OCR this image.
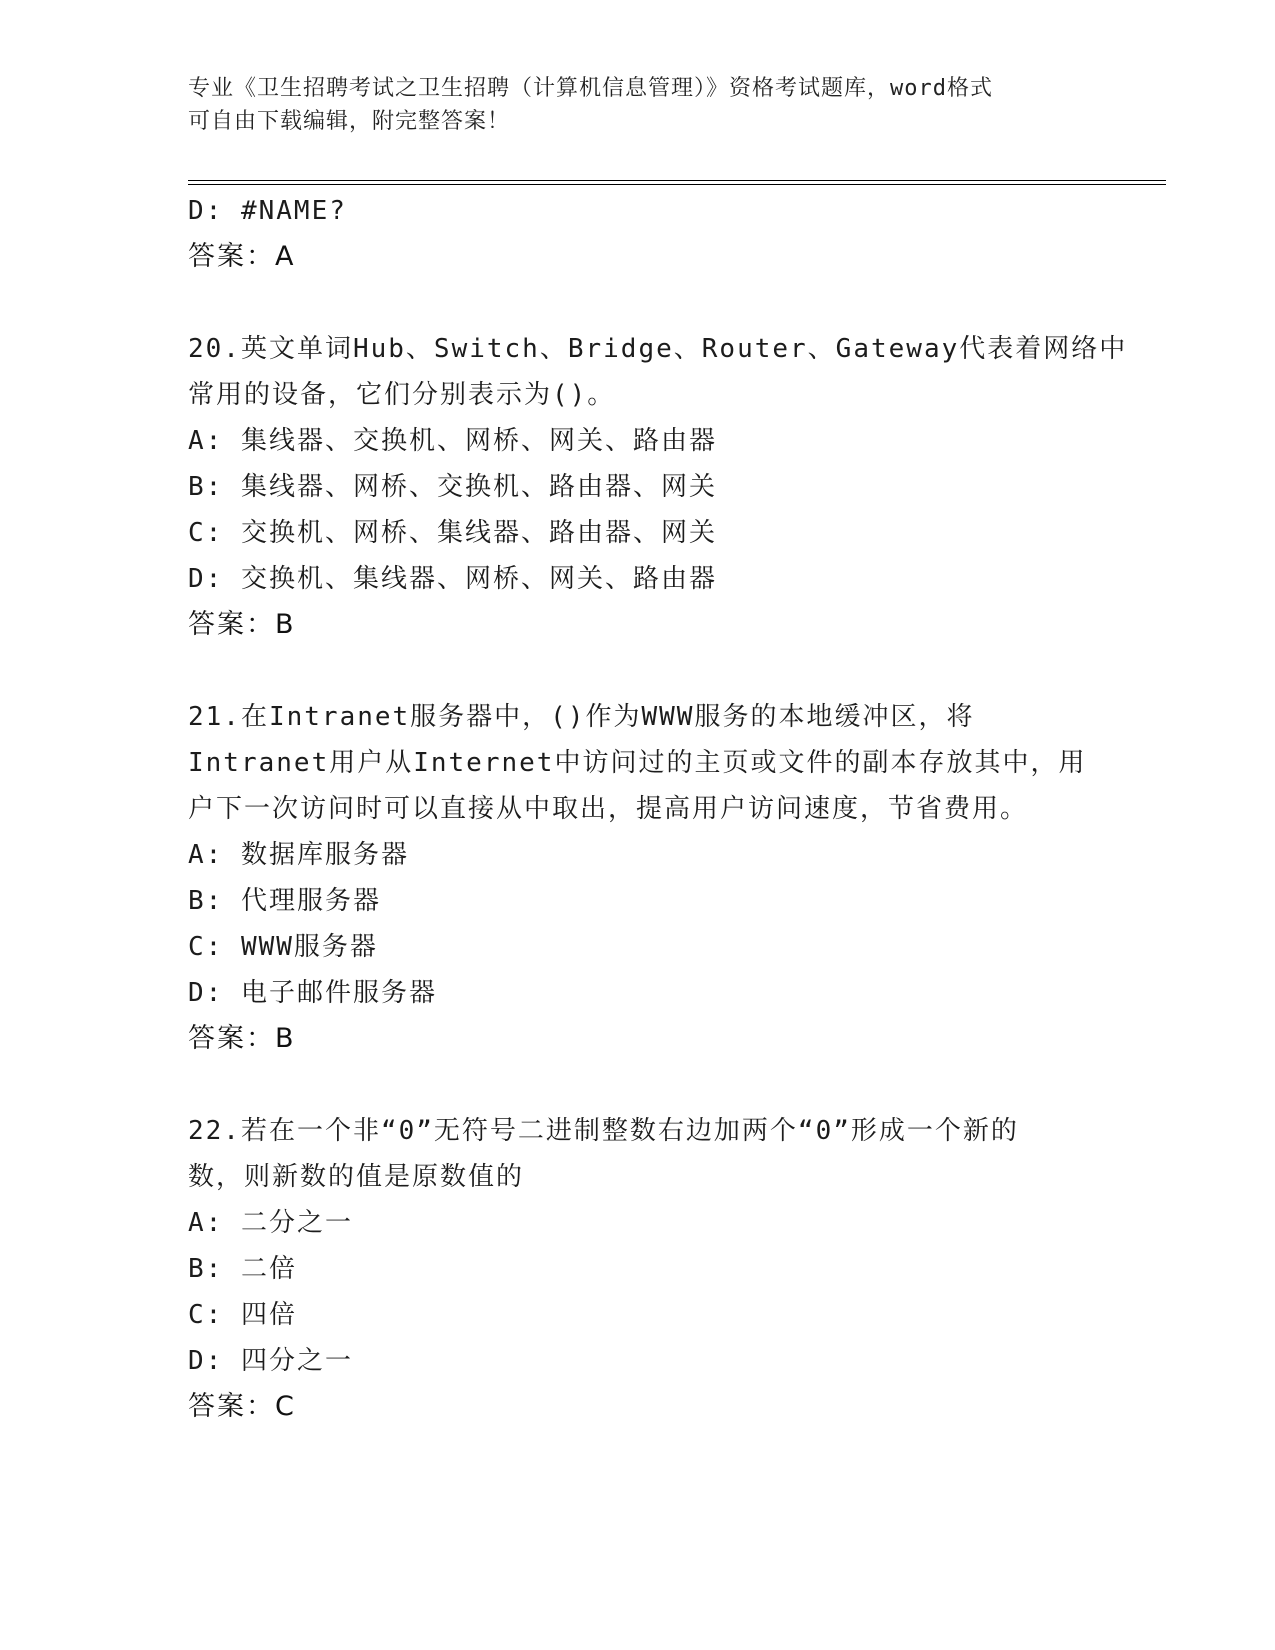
专业《卫生招聘考试之卫生招聘（计算机信息管理）》资格考试题库，word格式
可自由下载编辑，附完整答案！
D: #NAME?
答案：A
20.英文单词Hub、Switch、Bridge、Router、Gateway代表着网络中
常用的设备，它们分别表示为()。
A: 集线器、交换机、网桥、网关、路由器
B: 集线器、网桥、交换机、路由器、网关
C: 交换机、网桥、集线器、路由器、网关
D: 交换机、集线器、网桥、网关、路由器
答案：B
21.在Intranet服务器中，()作为WWW服务的本地缓冲区，将
Intranet用户从Internet中访问过的主页或文件的副本存放其中，用
户下一次访问时可以直接从中取出，提高用户访问速度，节省费用。
A: 数据库服务器
B: 代理服务器
C: WWW服务器
D: 电子邮件服务器
答案：B
22.若在一个非“0”无符号二进制整数右边加两个“0”形成一个新的
数，则新数的值是原数值的
A: 二分之一
B: 二倍
C: 四倍
D: 四分之一
答案：C
